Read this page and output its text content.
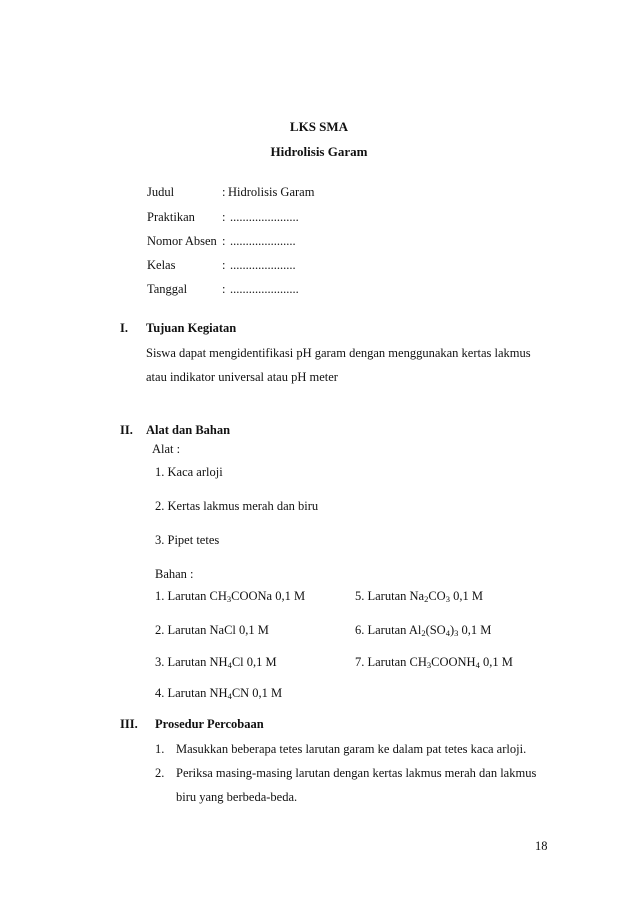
LKS SMA
Hidrolisis Garam
Judul	: Hidrolisis Garam
Praktikan : ......................
Nomor Absen : .....................
Kelas	: .....................
Tanggal	: ......................
I. Tujuan Kegiatan
Siswa dapat mengidentifikasi pH garam dengan menggunakan kertas lakmus
atau indikator universal atau pH meter
II. Alat dan Bahan
Alat :
1. Kaca arloji
2. Kertas lakmus merah dan biru
3. Pipet tetes
Bahan :
1. Larutan CH3COONa 0,1 M
2. Larutan NaCl 0,1 M
3. Larutan NH4Cl 0,1 M
4. Larutan NH4CN 0,1 M
5. Larutan Na2CO3 0,1 M
6. Larutan Al2(SO4)3 0,1 M
7. Larutan CH3COONH4 0,1 M
III. Prosedur Percobaan
1. Masukkan beberapa tetes larutan garam ke dalam pat tetes kaca arloji.
2. Periksa masing-masing larutan dengan kertas lakmus merah dan lakmus
biru yang berbeda-beda.
18
